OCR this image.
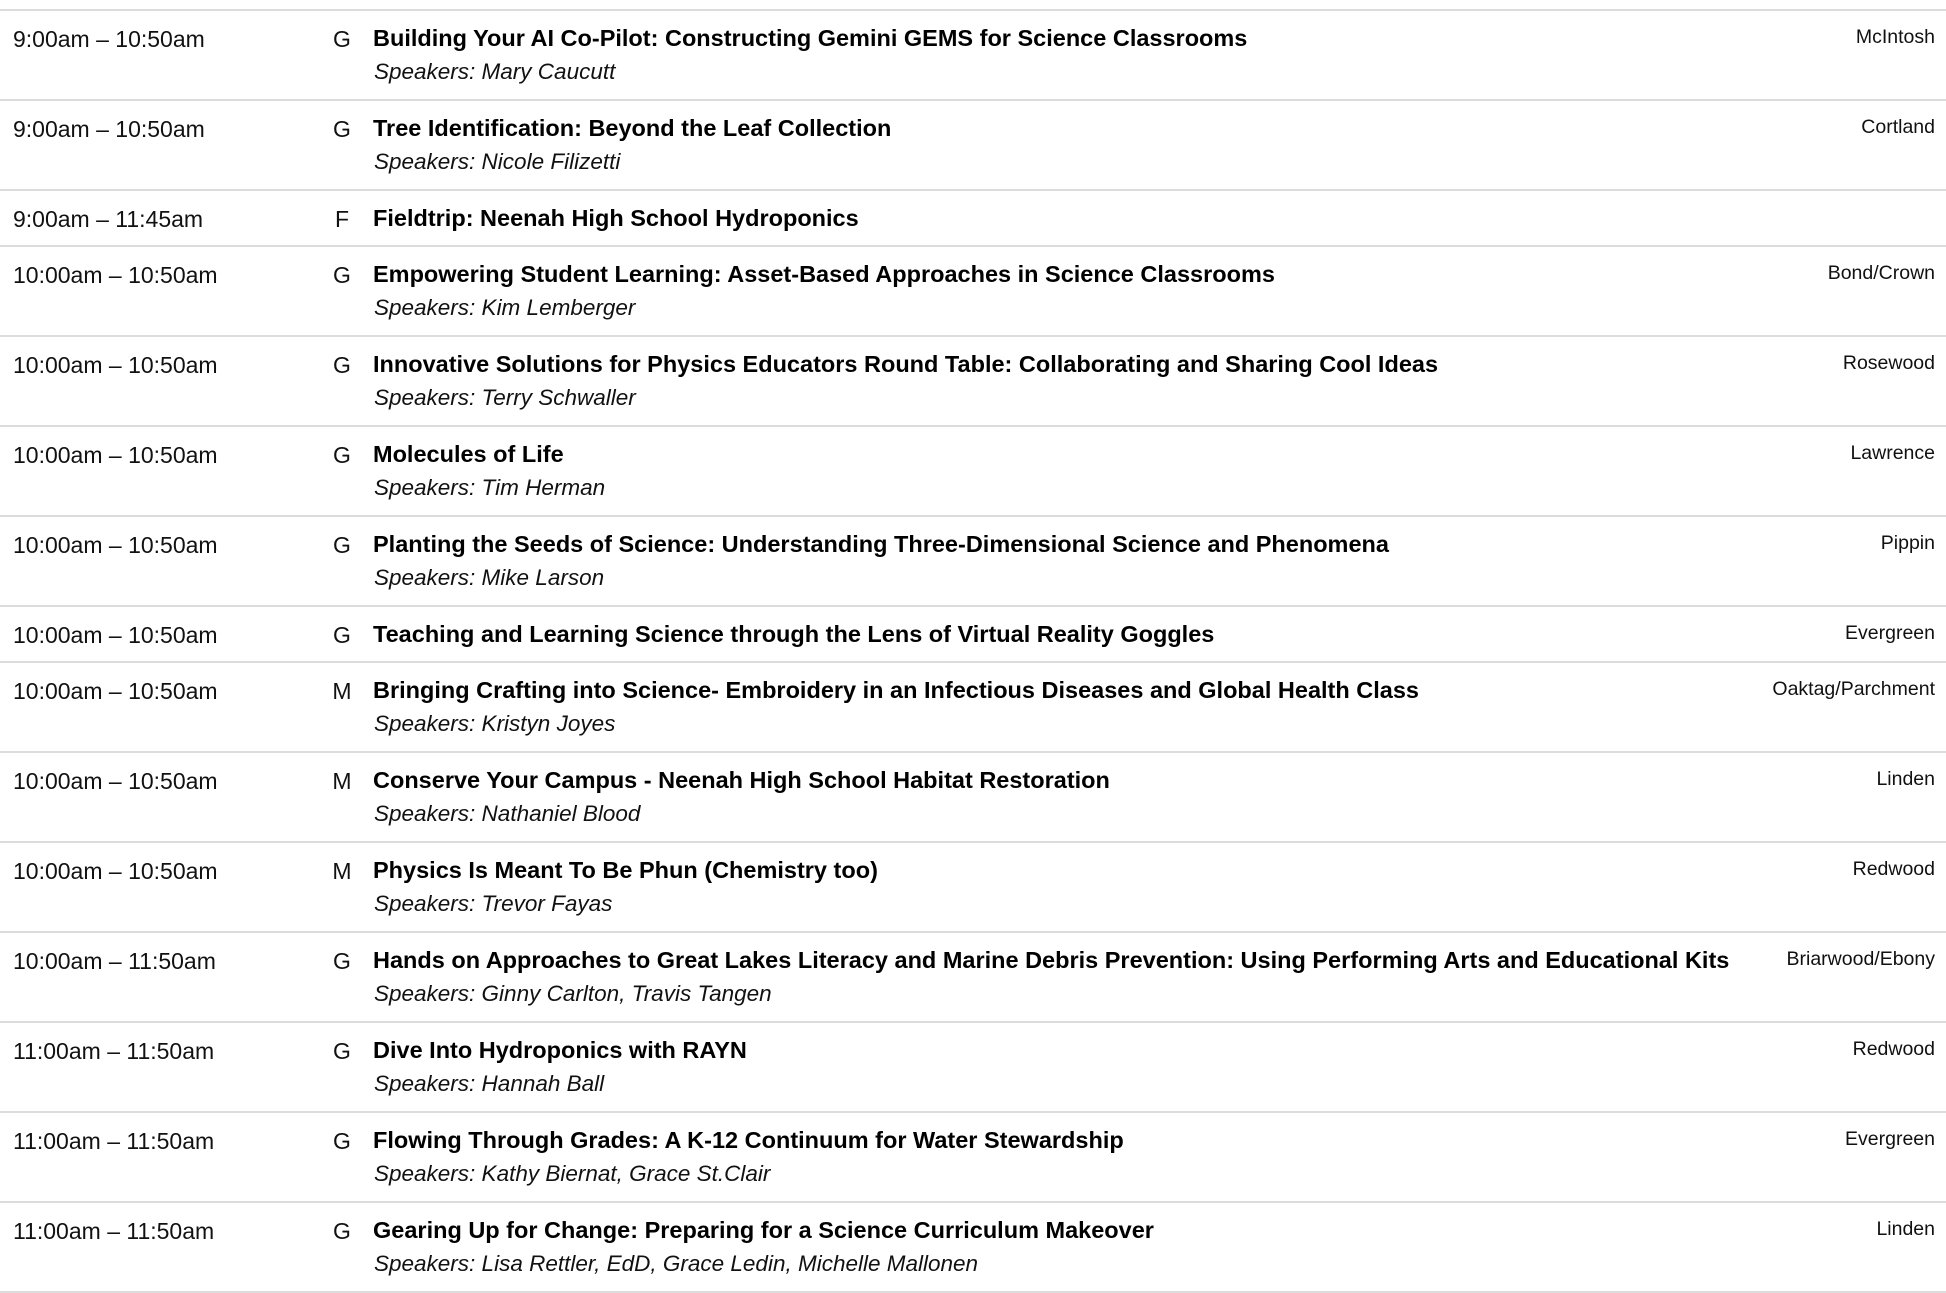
9:00am – 10:50am	G Building Your AI Co-Pilot: Constructing Gemini GEMS for Science Classrooms
Speakers: Mary Caucutt
McIntosh
9:00am – 10:50am	G Tree Identification: Beyond the Leaf Collection
Speakers: Nicole Filizetti
Cortland
9:00am – 11:45am	F	Fieldtrip: Neenah High School Hydroponics
10:00am – 10:50am	G Empowering Student Learning: Asset-Based Approaches in Science Classrooms
Speakers: Kim Lemberger
Bond/Crown
10:00am – 10:50am	G Innovative Solutions for Physics Educators Round Table: Collaborating and Sharing Cool Ideas
Speakers: Terry Schwaller
Rosewood
10:00am – 10:50am	G Molecules of Life
Speakers: Tim Herman
Lawrence
10:00am – 10:50am	G Planting the Seeds of Science: Understanding Three-Dimensional Science and Phenomena
Speakers: Mike Larson
Pippin
10:00am – 10:50am	G Teaching and Learning Science through the Lens of Virtual Reality Goggles	Evergreen
10:00am – 10:50am	M Bringing Crafting into Science- Embroidery in an Infectious Diseases and Global Health Class
Speakers: Kristyn Joyes
Oaktag/Parchment
10:00am – 10:50am	M Conserve Your Campus - Neenah High School Habitat Restoration
Speakers: Nathaniel Blood
Linden
10:00am – 10:50am	M Physics Is Meant To Be Phun (Chemistry too)
Speakers: Trevor Fayas
Redwood
10:00am – 11:50am	G Hands on Approaches to Great Lakes Literacy and Marine Debris Prevention: Using Performing Arts and Educational Kits
Speakers: Ginny Carlton, Travis Tangen
Briarwood/Ebony
11:00am – 11:50am	G Dive Into Hydroponics with RAYN
Speakers: Hannah Ball
Redwood
11:00am – 11:50am	G Flowing Through Grades: A K-12 Continuum for Water Stewardship
Speakers: Kathy Biernat, Grace St.Clair
Evergreen
11:00am – 11:50am	G Gearing Up for Change: Preparing for a Science Curriculum Makeover
Speakers: Lisa Rettler, EdD, Grace Ledin, Michelle Mallonen
Linden
